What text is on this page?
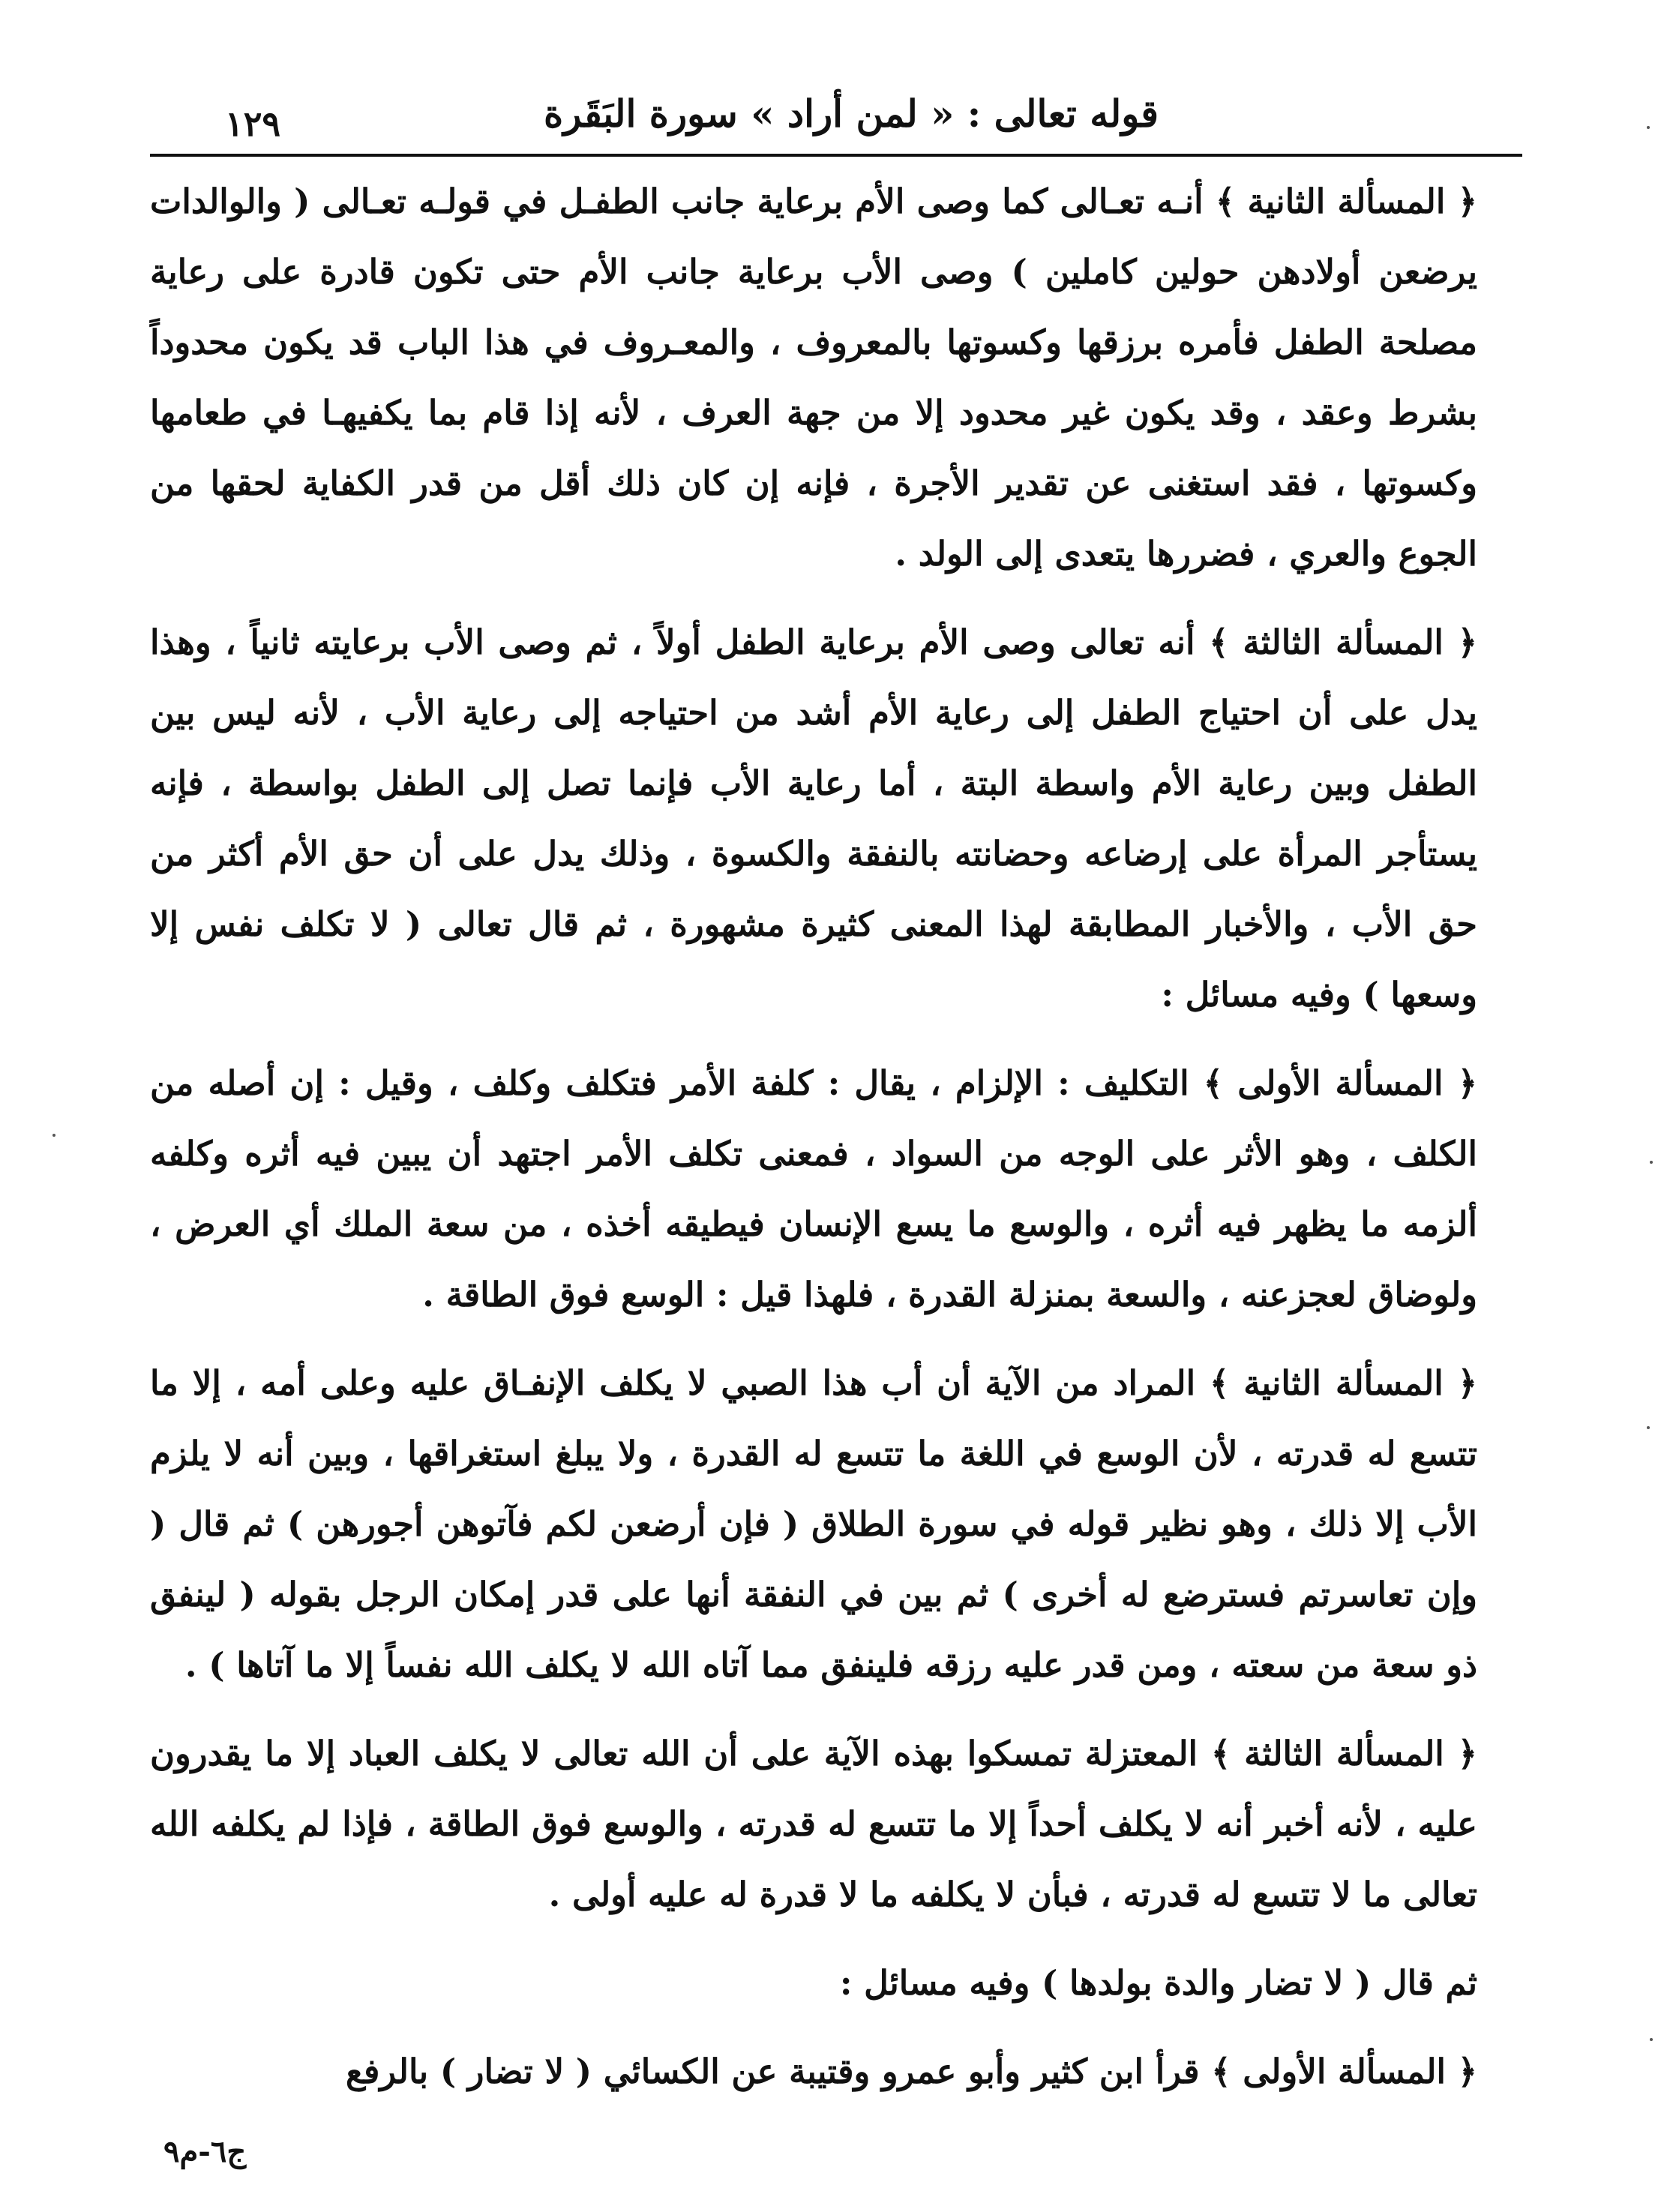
قوله تعالى : « لمن أراد » سورة البَقَرة
١٢٩

﴿ المسألة الثانية ﴾ أنـه تعـالى كما وصى الأم برعاية جانب الطفـل في قولـه تعـالى ( والوالدات يرضعن أولادهن حولين كاملين ) وصى الأب برعاية جانب الأم حتى تكون قادرة على رعاية مصلحة الطفل فأمره برزقها وكسوتها بالمعروف ، والمعـروف في هذا الباب قد يكون محدوداً بشرط وعقد ، وقد يكون غير محدود إلا من جهة العرف ، لأنه إذا قام بما يكفيهـا في طعامها وكسوتها ، فقد استغنى عن تقدير الأجرة ، فإنه إن كان ذلك أقل من قدر الكفاية لحقها من الجوع والعري ، فضررها يتعدى إلى الولد .

﴿ المسألة الثالثة ﴾ أنه تعالى وصى الأم برعاية الطفل أولاً ، ثم وصى الأب برعايته ثانياً ، وهذا يدل على أن احتياج الطفل إلى رعاية الأم أشد من احتياجه إلى رعاية الأب ، لأنه ليس بين الطفل وبين رعاية الأم واسطة البتة ، أما رعاية الأب فإنما تصل إلى الطفل بواسطة ، فإنه يستأجر المرأة على إرضاعه وحضانته بالنفقة والكسوة ، وذلك يدل على أن حق الأم أكثر من حق الأب ، والأخبار المطابقة لهذا المعنى كثيرة مشهورة ، ثم قال تعالى ( لا تكلف نفس إلا وسعها ) وفيه مسائل :

﴿ المسألة الأولى ﴾ التكليف : الإلزام ، يقال : كلفة الأمر فتكلف وكلف ، وقيل : إن أصله من الكلف ، وهو الأثر على الوجه من السواد ، فمعنى تكلف الأمر اجتهد أن يبين فيه أثره وكلفه ألزمه ما يظهر فيه أثره ، والوسع ما يسع الإنسان فيطيقه أخذه ، من سعة الملك أي العرض ، ولوضاق لعجزعنه ، والسعة بمنزلة القدرة ، فلهذا قيل : الوسع فوق الطاقة .

﴿ المسألة الثانية ﴾ المراد من الآية أن أب هذا الصبي لا يكلف الإنفـاق عليه وعلى أمه ، إلا ما تتسع له قدرته ، لأن الوسع في اللغة ما تتسع له القدرة ، ولا يبلغ استغراقها ، وبين أنه لا يلزم الأب إلا ذلك ، وهو نظير قوله في سورة الطلاق ( فإن أرضعن لكم فآتوهن أجورهن ) ثم قال ( وإن تعاسرتم فسترضع له أخرى ) ثم بين في النفقة أنها على قدر إمكان الرجل بقوله ( لينفق ذو سعة من سعته ، ومن قدر عليه رزقه فلينفق مما آتاه الله لا يكلف الله نفساً إلا ما آتاها ) .

﴿ المسألة الثالثة ﴾ المعتزلة تمسكوا بهذه الآية على أن الله تعالى لا يكلف العباد إلا ما يقدرون عليه ، لأنه أخبر أنه لا يكلف أحداً إلا ما تتسع له قدرته ، والوسع فوق الطاقة ، فإذا لم يكلفه الله تعالى ما لا تتسع له قدرته ، فبأن لا يكلفه ما لا قدرة له عليه أولى .

ثم قال ( لا تضار والدة بولدها ) وفيه مسائل :

﴿ المسألة الأولى ﴾ قرأ ابن كثير وأبو عمرو وقتيبة عن الكسائي ( لا تضار ) بالرفع

ج٦-م٩
